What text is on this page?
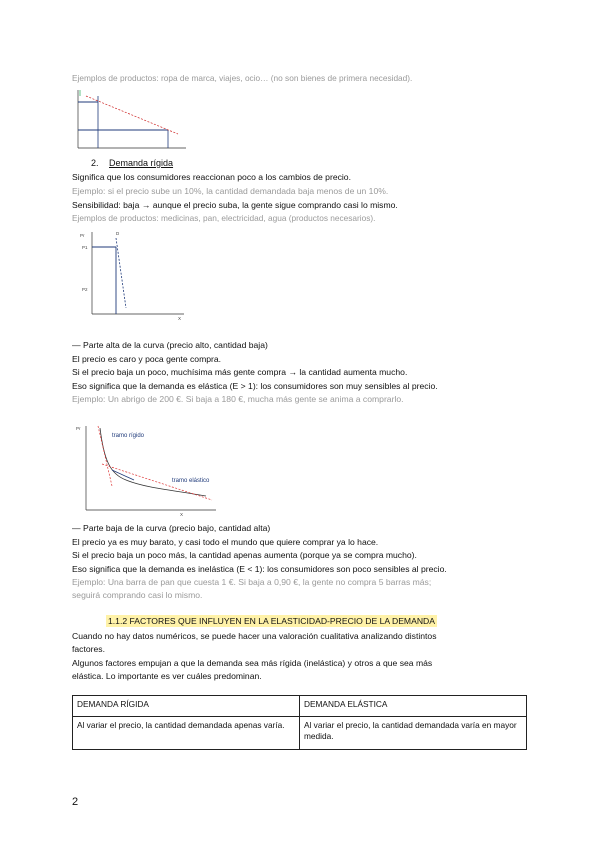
Ejemplos de productos: ropa de marca, viajes, ocio… (no son bienes de primera necesidad).
2. Demanda rígida
Significa que los consumidores reaccionan poco a los cambios de precio.
Ejemplo: si el precio sube un 10%, la cantidad demandada baja menos de un 10%.
Sensibilidad: baja → aunque el precio suba, la gente sigue comprando casi lo mismo.
Ejemplos de productos: medicinas, pan, electricidad, agua (productos necesarios).
Pr	D
X
P1
P2
— Parte alta de la curva (precio alto, cantidad baja)
El precio es caro y poca gente compra.
Si el precio baja un poco, muchísima más gente compra → la cantidad aumenta mucho.
Eso significa que la demanda es elástica (E > 1): los consumidores son muy sensibles al precio.
Ejemplo: Un abrigo de 200 €. Si baja a 180 €, mucha más gente se anima a comprarlo.
Pr
X
tramo rígido
tramo elástico
— Parte baja de la curva (precio bajo, cantidad alta)
El precio ya es muy barato, y casi todo el mundo que quiere comprar ya lo hace.
Si el precio baja un poco más, la cantidad apenas aumenta (porque ya se compra mucho).
Eso significa que la demanda es inelástica (E < 1): los consumidores son poco sensibles al precio.
Ejemplo: Una barra de pan que cuesta 1 €. Si baja a 0,90 €, la gente no compra 5 barras más;
seguirá comprando casi lo mismo.
1.1.2 FACTORES QUE INFLUYEN EN LA ELASTICIDAD-PRECIO DE LA DEMANDA
Cuando no hay datos numéricos, se puede hacer una valoración cualitativa analizando distintos
factores.
Algunos factores empujan a que la demanda sea más rígida (inelástica) y otros a que sea más
elástica. Lo importante es ver cuáles predominan.
DEMANDA RÍGIDA	DEMANDA ELÁSTICA
Al variar el precio, la cantidad demandada apenas varía.	Al variar el precio, la cantidad demandada varía en mayor medida.
2
